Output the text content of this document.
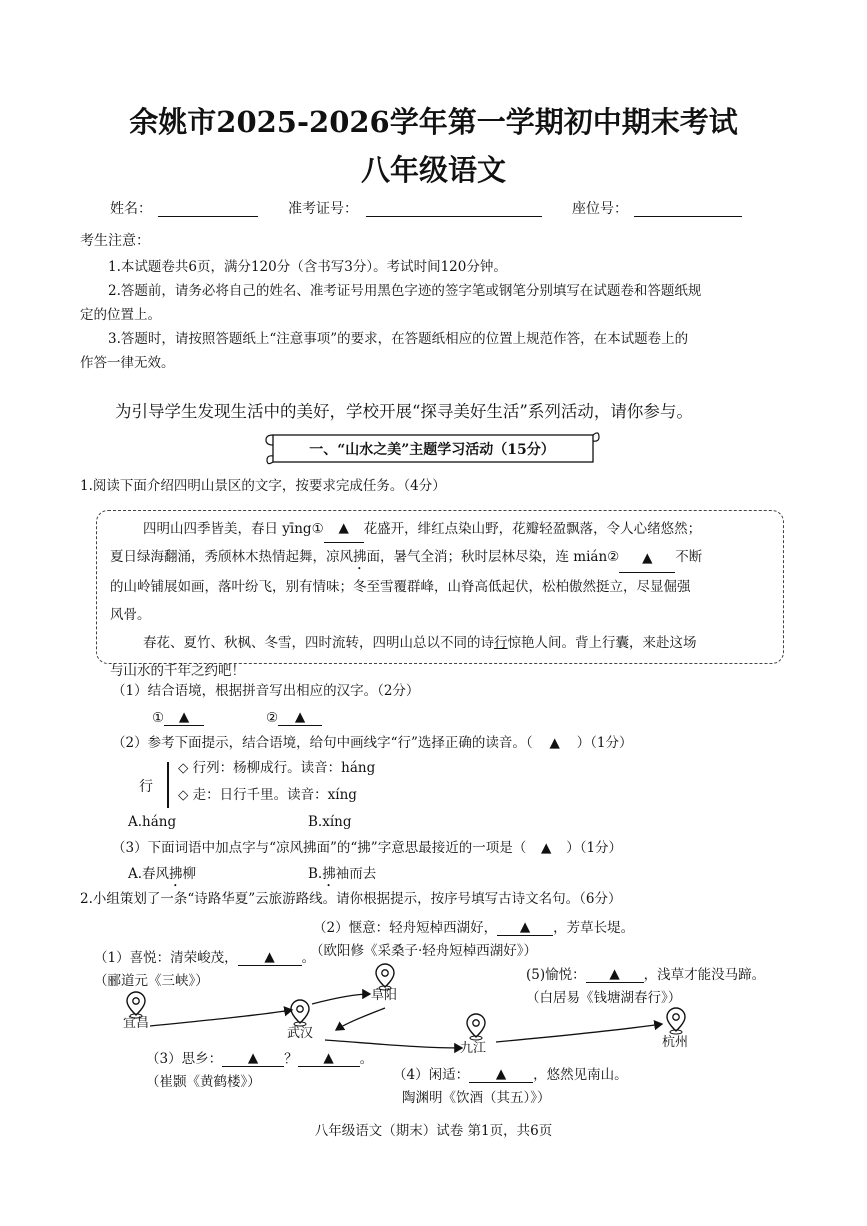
余姚市2025-2026学年第一学期初中期末考试
八年级语文
姓名：	准考证号：	座位号：
考生注意：
1.本试题卷共6页，满分120分（含书写3分）。考试时间120分钟。
2.答题前，请务必将自己的姓名、准考证号用黑色字迹的签字笔或钢笔分别填写在试题卷和答题纸规
定的位置上。
3.答题时，请按照答题纸上“注意事项”的要求，在答题纸相应的位置上规范作答，在本试题卷上的
作答一律无效。
为引导学生发现生活中的美好，学校开展“探寻美好生活”系列活动，请你参与。
一、“山水之美”主题学习活动（15分）
1.阅读下面介绍四明山景区的文字，按要求完成任务。（4分）
四明山四季皆美，春日 yīng① ▲ 花盛开，绯红点染山野，花瓣轻盈飘落，令人心绪悠然；
夏日绿海翻涌，秀颀林木热情起舞，凉风拂面，暑气全消；秋时层林尽染，连 mián② ▲ 不断
的山岭铺展如画，落叶纷飞，别有情味；冬至雪覆群峰，山脊高低起伏，松柏傲然挺立，尽显倔强
风骨。
春花、夏竹、秋枫、冬雪，四时流转，四明山总以不同的诗行惊艳人间。背上行囊，来赴这场
与山水的千年之约吧！
（1）结合语境，根据拼音写出相应的汉字。（2分）
① ▲	② ▲
（2）参考下面提示，结合语境，给句中画线字“行”选择正确的读音。（ ▲ ）（1分）
行
◇ 行列：杨柳成行。读音：háng
◇ 走：日行千里。读音：xíng
A.háng	B.xíng
（3）下面词语中加点字与“凉风拂面”的“拂”字意思最接近的一项是（ ▲ ）（1分）
A.春风拂柳	B.拂袖而去
2.小组策划了一条“诗路华夏”云旅游路线。请你根据提示，按序号填写古诗文名句。（6分）
（2）惬意：轻舟短棹西湖好， ▲ ，芳草长堤。
（欧阳修《采桑子·轻舟短棹西湖好》）
（1）喜悦：清荣峻茂， ▲ 。
（郦道元《三峡》）	(5)愉悦： ▲ ，浅草才能没马蹄。
（白居易《钱塘湖春行》）
宜昌
武汉
阜阳
九江	杭州
（3）思乡： ▲ ？ ▲ 。
（崔颢《黄鹤楼》）	（4）闲适： ▲ ，悠然见南山。
陶渊明《饮酒（其五）》）
八年级语文（期末）试卷 第1页，共6页
